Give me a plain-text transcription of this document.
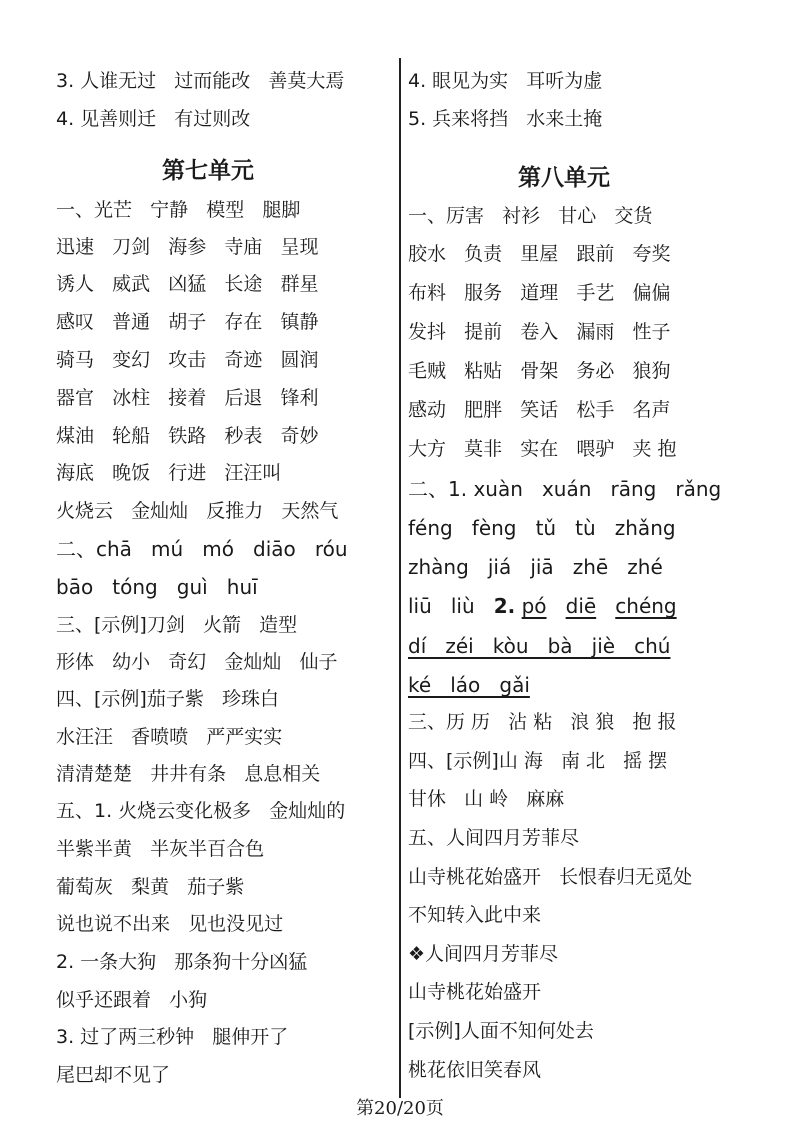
3. 人谁无过   过而能改   善莫大焉
4. 见善则迁   有过则改
第七单元
一、光芒   宁静   模型   腿脚
迅速   刀剑   海参   寺庙   呈现
诱人   威武   凶猛   长途   群星
感叹   普通   胡子   存在   镇静
骑马   变幻   攻击   奇迹   圆润
器官   冰柱   接着   后退   锋利
煤油   轮船   铁路   秒表   奇妙
海底   晚饭   行进   汪汪叫
火烧云   金灿灿   反推力   天然气
二、chā   mú   mó   diāo   róu
bāo   tóng   guì   huī
三、[示例]刀剑   火箭   造型
形体   幼小   奇幻   金灿灿   仙子
四、[示例]茄子紫   珍珠白
水汪汪   香喷喷   严严实实
清清楚楚   井井有条   息息相关
五、1. 火烧云变化极多   金灿灿的
半紫半黄   半灰半百合色
葡萄灰   梨黄   茄子紫
说也说不出来   见也没见过
2. 一条大狗   那条狗十分凶猛
似乎还跟着   小狗
3. 过了两三秒钟   腿伸开了
尾巴却不见了
4. 眼见为实   耳听为虚
5. 兵来将挡   水来土掩
第八单元
一、厉害   衬衫   甘心   交货
胶水   负责   里屋   跟前   夸奖
布料   服务   道理   手艺   偏偏
发抖   提前   卷入   漏雨   性子
毛贼   粘贴   骨架   务必   狼狗
感动   肥胖   笑话   松手   名声
大方   莫非   实在   喂驴   夹 抱
二、1. xuàn   xuán   rāng   rǎng
féng   fèng   tǔ   tù   zhǎng
zhàng   jiá   jiā   zhē   zhé
liū   liù 2. pó diē chéng
dí   zéi   kòu   bà   jiè   chú
ké   láo   gǎi
三、历 历   沾 粘   浪 狼   抱 报
四、[示例]山 海   南 北   摇 摆
甘休   山 岭   麻麻
五、人间四月芳菲尽
山寺桃花始盛开   长恨春归无觅处
不知转入此中来
❖人间四月芳菲尽
山寺桃花始盛开
[示例]人面不知何处去
桃花依旧笑春风
第20/20页
